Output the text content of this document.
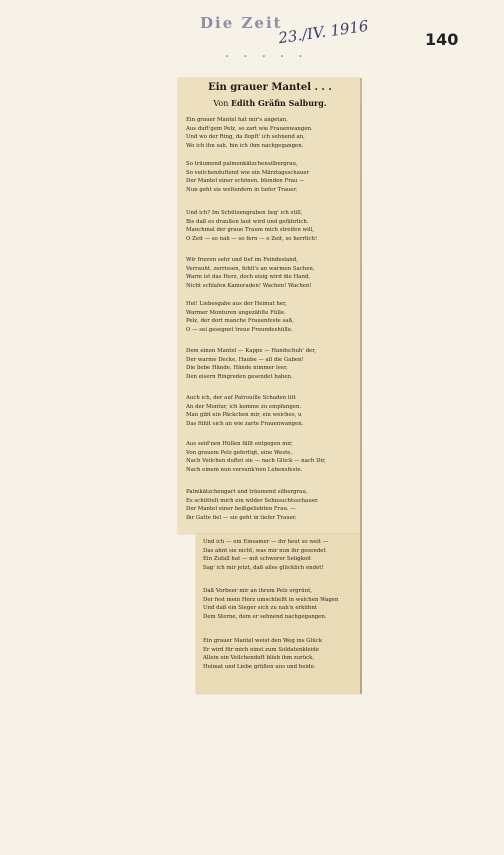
Die Zeit
23./IV. 1916	140
• • • • •
Ein grauer Mantel . . .
Von Edith Gräfin Salburg.
Ein grauer Mantel hat mir's angetan,
Aus duft'gem Pelz, so zart wie Frauenwangen.
Und wo der Ring, da flopft' ich sehnend an,
Wo ich ihn sah, bin ich ihm nachgegangen.
So träumend palmenkätzchensilbergrau,
So veilchenduftend wie ein Märztagsschauer
Der Mantel einer schönen, blonden Frau —
Nun geht sie weltenfern in tiefer Trauer.
Und ich? Im Schützengraben lieg' ich still,
Bis daß es draußen laut wird und gefährlich.
Manchmal der graue Traum mich streifen will,
O Zeit — so nah — so fern — o Zeit, so herrlich!
Wir frieren sehr und tief im Feindesland,
Verrauht, zerrissen, fehlt's an warmen Sachen.
Warm ist das Herz, doch eisig wird die Hand,
Nicht schlafen Kameraden! Wachen! Wachen!
Hei! Liebesgabe aus der Heimat her,
Warmer Monturen ungezählte Fülle.
Pelz, der dort manche Frauenfeste saß,
O — sei gesegnet treue Freundeshülle.
Dem einen Mantel — Kappe — Handschuh' der,
Der warme Decke, Haube — all die Gaben!
Die liebe Hände, Hände nimmer leer,
Den eisern Ringreden gesendet haben.
Auch ich, der auf Patrouille Schaden litt
An der Montur, ich komme zu empfangen.
Man gibt ein Päckchen mir, ein weiches, u
Das fühlt sich an wie zarte Frauenwangen.
Aus seid'nen Hüllen fällt entgegen mir,
Von grauem Pelz gefertigt, eine Weste,
Nach Veilchen duftet sie — nach Glück — nach Dir,
Nach einem nun versunk'nen Lebensfeste.
Palmkätzchengart und träumend silbergrau,
Es schüttelt mich ein wilder Sehnsuchtsschauer.
Der Mantel einer heißgeliebten Frau. —
Ihr Gatte fiel — sie geht in tiefer Trauer.
Und ich — ein Einsamer — ihr heut so weit —
Das ahnt sie nicht, was mir nun ihr gesendet
Ein Zufall hat — mit schwerer Seligkeit
Sag' ich mir jetzt, daß alles glücklich endet!
Daß Vorbeer mir an ihrem Pelz ergrünt,
Der fest mein Herz umschließt in welchen Wagen
Und daß ein Sieger sich zu nah'n erkühnt
Dem Sterne, dem er sehnend nachgegangen.
Ein grauer Mantel weist den Weg ins Glück
Er wird für mich einst zum Soldatenkleide
Allein ein Veilchenduft blieb ihm zurück,
Heimat und Liebe grüßen uns und beide.
